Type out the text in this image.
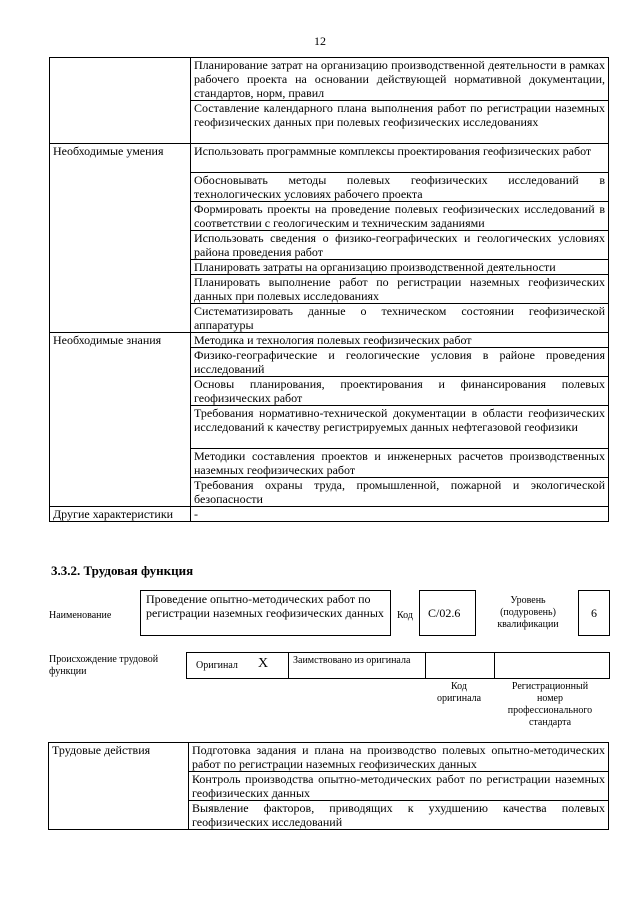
12
	Планирование затрат на организацию производственной деятельности в рамках рабочего проекта на основании действующей нормативной документации, стандартов, норм, правил
	Составление календарного плана выполнения работ по регистрации наземных геофизических данных при полевых геофизических исследованиях
Необходимые умения	Использовать программные комплексы проектирования геофизических работ
	Обосновывать методы полевых геофизических исследований в технологических условиях рабочего проекта
	Формировать проекты на проведение полевых геофизических исследований в соответствии с геологическим и техническим заданиями
	Использовать сведения о физико-географических и геологических условиях района проведения работ
	Планировать затраты на организацию производственной деятельности
	Планировать выполнение работ по регистрации наземных геофизических данных при полевых исследованиях
	Систематизировать данные о техническом состоянии геофизической аппаратуры
Необходимые знания	Методика и технология полевых геофизических работ
	Физико-географические и геологические условия в районе проведения исследований
	Основы планирования, проектирования и финансирования полевых геофизических работ
	Требования нормативно-технической документации в области геофизических исследований к качеству регистрируемых данных нефтегазовой геофизики
	Методики составления проектов и инженерных расчетов производственных наземных геофизических работ
	Требования охраны труда, промышленной, пожарной и экологической безопасности
Другие характеристики	-
3.3.2. Трудовая функция
Наименование
Проведение опытно-методических работ по регистрации наземных геофизических данных	Код	C/02.6
Уровень (подуровень) квалификации
6
Происхождение трудовой функции
Оригинал X Заимствовано из оригинала
Код оригинала
Регистрационный номер профессионального стандарта
Трудовые действия	Подготовка задания и плана на производство полевых опытно-методических работ по регистрации наземных геофизических данных
Контроль производства опытно-методических работ по регистрации наземных геофизических данных
Выявление факторов, приводящих к ухудшению качества полевых геофизических исследований
